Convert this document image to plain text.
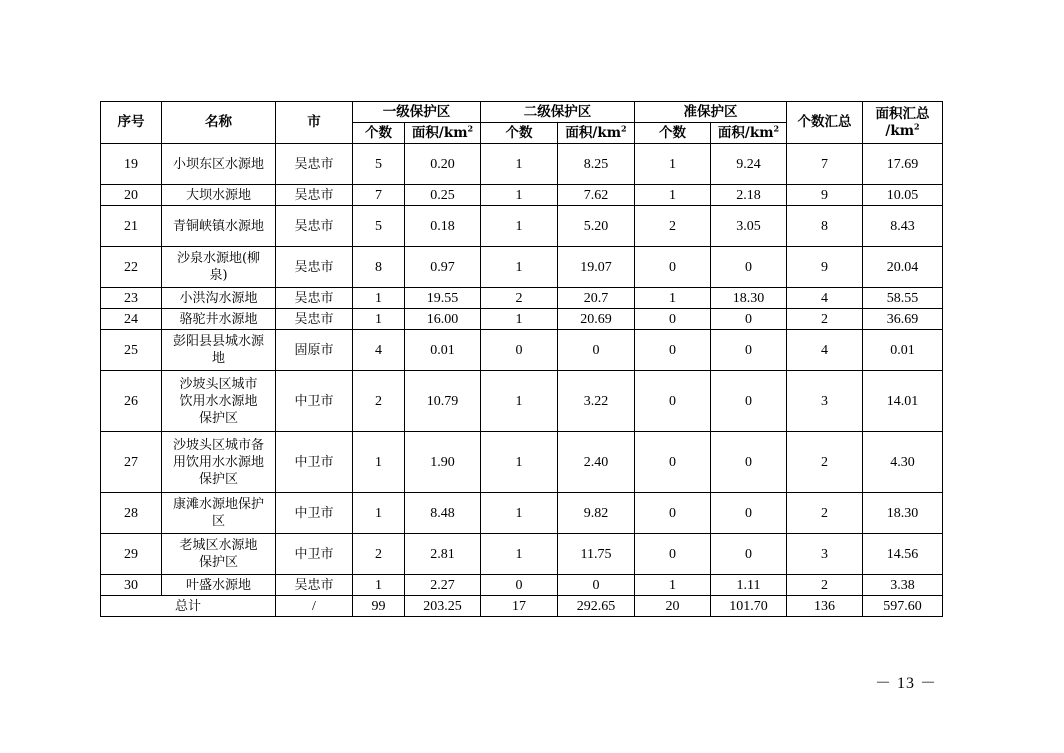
序号	名称	市	一级保护区		二级保护区		准保护区		个数汇总	面积汇总
$/km^2$

			个数	面积$/km^2$	个数	面积$/km^2$	个数	面积$/km^2$
19	小坝东区水源地	吴忠市	5	0.20	1	8.25	1	9.24	7	17.69
20	大坝水源地	吴忠市	7	0.25	1	7.62	1	2.18	9	10.05
21	青铜峡镇水源地	吴忠市	5	0.18	1	5.20	2	3.05	8	8.43
22	沙泉水源地(柳泉)	吴忠市	8	0.97	1	19.07	0	0	9	20.04
23	小洪沟水源地	吴忠市	1	19.55	2	20.7	1	18.30	4	58.55
24	骆驼井水源地	吴忠市	1	16.00	1	20.69	0	0	2	36.69
25	彭阳县县城水源地	固原市	4	0.01	0	0	0	0	4	0.01
26	沙坡头区城市饮用水水源地保护区	中卫市	2	10.79	1	3.22	0	0	3	14.01
27	沙坡头区城市备用饮用水水源地保护区	中卫市	1	1.90	1	2.40	0	0	2	4.30
28	康滩水源地保护区	中卫市	1	8.48	1	9.82	0	0	2	18.30
29	老城区水源地保护区	中卫市	2	2.81	1	11.75	0	0	3	14.56
30	叶盛水源地	吴忠市	1	2.27	0	0	1	1.11	2	3.38
总计		/	99	203.25	17	292.65	20	101.70	136	597.60
－ 13 －
